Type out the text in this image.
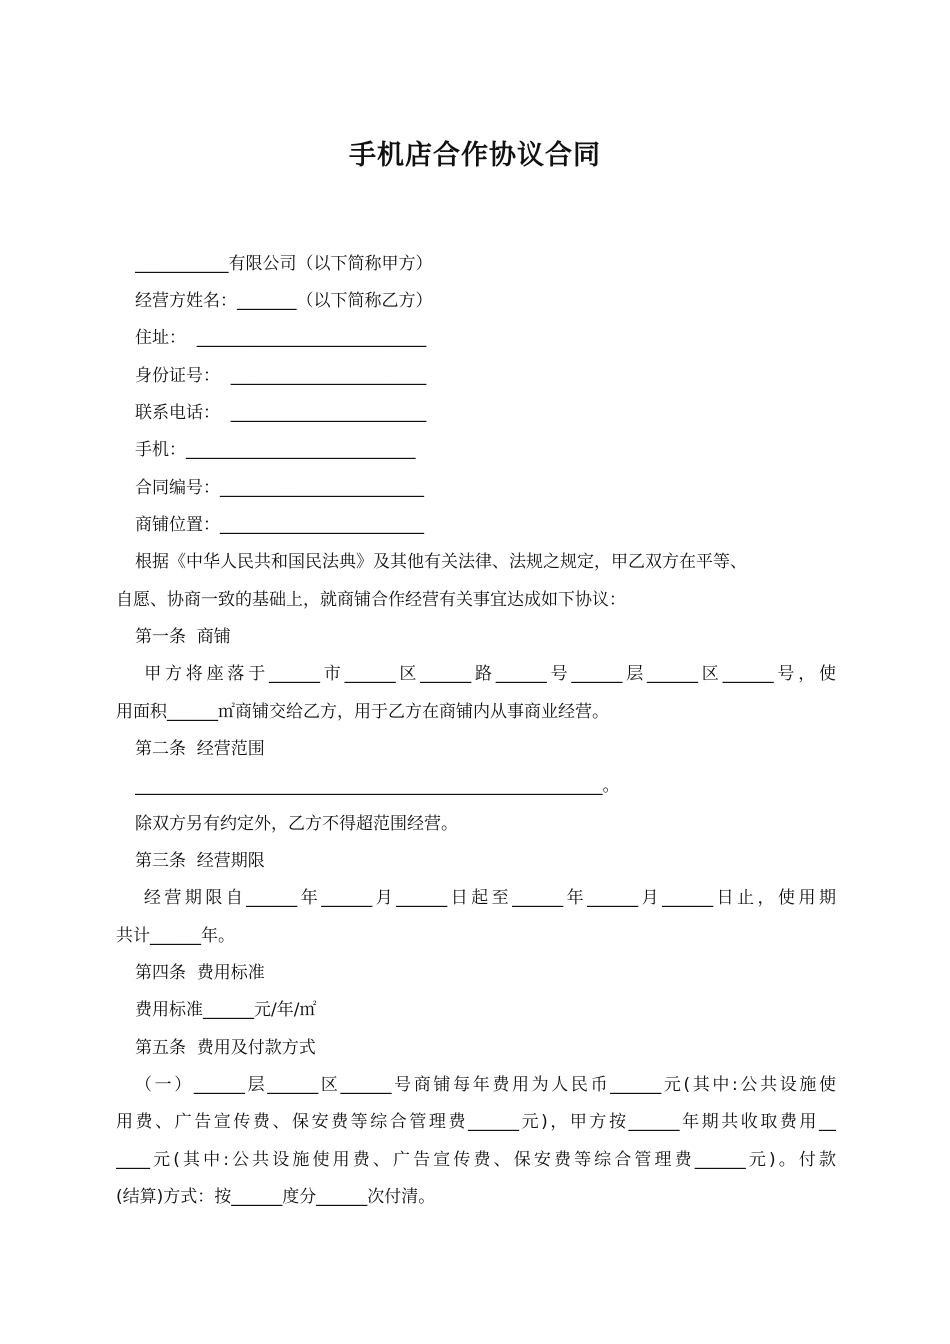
手机店合作协议合同
___________有限公司（以下简称甲方）
经营方姓名：_______（以下简称乙方）
住址：  ___________________________
身份证号：  _______________________
联系电话：  _______________________
手机：___________________________
合同编号：________________________
商铺位置：________________________
根据《中华人民共和国民法典》及其他有关法律、法规之规定，甲乙双方在平等、
自愿、协商一致的基础上，就商铺合作经营有关事宜达成如下协议：
第一条  商铺
甲方将座落于______市______区______路______号______层______区______号，使
用面积______㎡商铺交给乙方，用于乙方在商铺内从事商业经营。
第二条  经营范围
_______________________________________________________。
除双方另有约定外，乙方不得超范围经营。
第三条  经营期限
经营期限自______年______月______日起至______年______月______日止，使用期
共计______年。
第四条  费用标准
费用标准______元/年/㎡
第五条  费用及付款方式
（一）______层______区______号商铺每年费用为人民币______元(其中:公共设施使
用费、广告宣传费、保安费等综合管理费______元)，甲方按______年期共收取费用__
____元(其中:公共设施使用费、广告宣传费、保安费等综合管理费______元)。付款
(结算)方式：按______度分______次付清。
